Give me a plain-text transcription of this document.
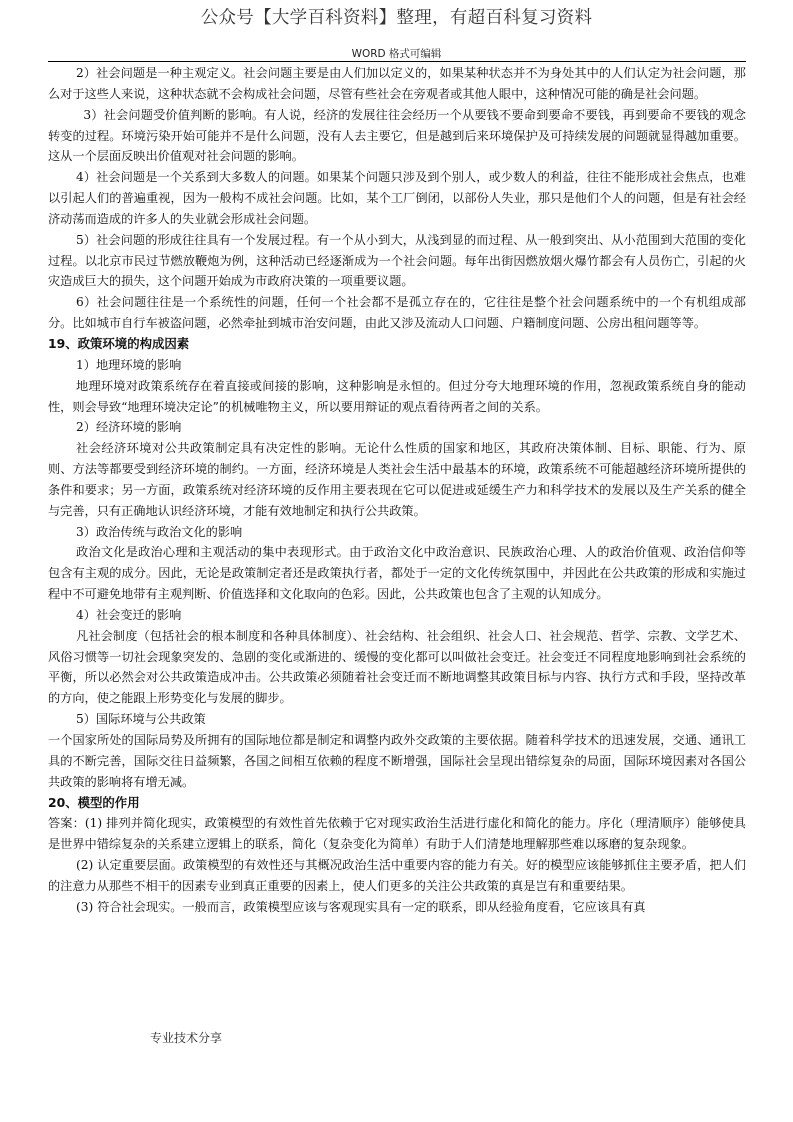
公众号【大学百科资料】整理，有超百科复习资料
WORD 格式可编辑

2）社会问题是一种主观定义。社会问题主要是由人们加以定义的，如果某种状态并不为身处其中的人们认定为社会问题，那么对于这些人来说，这种状态就不会构成社会问题，尽管有些社会在旁观者或其他人眼中，这种情况可能的确是社会问题。

3）社会问题受价值判断的影响。有人说，经济的发展往往会经历一个从要钱不要命到要命不要钱，再到要命不要钱的观念转变的过程。环境污染开始可能并不是什么问题，没有人去主要它，但是越到后来环境保护及可持续发展的问题就显得越加重要。这从一个层面反映出价值观对社会问题的影响。

4）社会问题是一个关系到大多数人的问题。如果某个问题只涉及到个别人，或少数人的利益，往往不能形成社会焦点，也难以引起人们的普遍重视，因为一般构不成社会问题。比如，某个工厂倒闭，以部份人失业，那只是他们个人的问题，但是有社会经济动荡而造成的许多人的失业就会形成社会问题。

5）社会问题的形成往往具有一个发展过程。有一个从小到大，从浅到显的而过程、从一般到突出、从小范围到大范围的变化过程。以北京市民过节燃放鞭炮为例，这种活动已经逐渐成为一个社会问题。每年出街因燃放烟火爆竹都会有人员伤亡，引起的火灾造成巨大的损失，这个问题开始成为市政府决策的一项重要议题。

6）社会问题往往是一个系统性的问题，任何一个社会都不是孤立存在的，它往往是整个社会问题系统中的一个有机组成部分。比如城市自行车被盗问题，必然牵扯到城市治安问题，由此又涉及流动人口问题、户籍制度问题、公房出租问题等等。

19、政策环境的构成因素

1）地理环境的影响

地理环境对政策系统存在着直接或间接的影响，这种影响是永恒的。但过分夸大地理环境的作用，忽视政策系统自身的能动性，则会导致“地理环境决定论”的机械唯物主义，所以要用辩证的观点看待两者之间的关系。

2）经济环境的影响

社会经济环境对公共政策制定具有决定性的影响。无论什么性质的国家和地区，其政府决策体制、目标、职能、行为、原则、方法等都要受到经济环境的制约。一方面，经济环境是人类社会生活中最基本的环境，政策系统不可能超越经济环境所提供的条件和要求；另一方面，政策系统对经济环境的反作用主要表现在它可以促进或延缓生产力和科学技术的发展以及生产关系的健全与完善，只有正确地认识经济环境，才能有效地制定和执行公共政策。

3）政治传统与政治文化的影响

政治文化是政治心理和主观活动的集中表现形式。由于政治文化中政治意识、民族政治心理、人的政治价值观、政治信仰等包含有主观的成分。因此，无论是政策制定者还是政策执行者，都处于一定的文化传统氛围中，并因此在公共政策的形成和实施过程中不可避免地带有主观判断、价值选择和文化取向的色彩。因此，公共政策也包含了主观的认知成分。

4）社会变迁的影响

凡社会制度（包括社会的根本制度和各种具体制度）、社会结构、社会组织、社会人口、社会规范、哲学、宗教、文学艺术、风俗习惯等一切社会现象突发的、急剧的变化或渐进的、缓慢的变化都可以叫做社会变迁。社会变迁不同程度地影响到社会系统的平衡，所以必然会对公共政策造成冲击。公共政策必须随着社会变迁而不断地调整其政策目标与内容、执行方式和手段，坚持改革的方向，使之能跟上形势变化与发展的脚步。

5）国际环境与公共政策

一个国家所处的国际局势及所拥有的国际地位都是制定和调整内政外交政策的主要依据。随着科学技术的迅速发展，交通、通讯工具的不断完善，国际交往日益频繁，各国之间相互依赖的程度不断增强，国际社会呈现出错综复杂的局面，国际环境因素对各国公共政策的影响将有增无减。

20、模型的作用

答案：(1) 排列并简化现实，政策模型的有效性首先依赖于它对现实政治生活进行虚化和简化的能力。序化（理清顺序）能够使具是世界中错综复杂的关系建立逻辑上的联系，简化（复杂变化为简单）有助于人们清楚地理解那些难以琢磨的复杂现象。

(2) 认定重要层面。政策模型的有效性还与其概况政治生活中重要内容的能力有关。好的模型应该能够抓住主要矛盾，把人们的注意力从那些不相干的因素专业到真正重要的因素上，使人们更多的关注公共政策的真是岂有和重要结果。

(3) 符合社会现实。一般而言，政策模型应该与客观现实具有一定的联系，即从经验角度看，它应该具有真

专业技术分享
